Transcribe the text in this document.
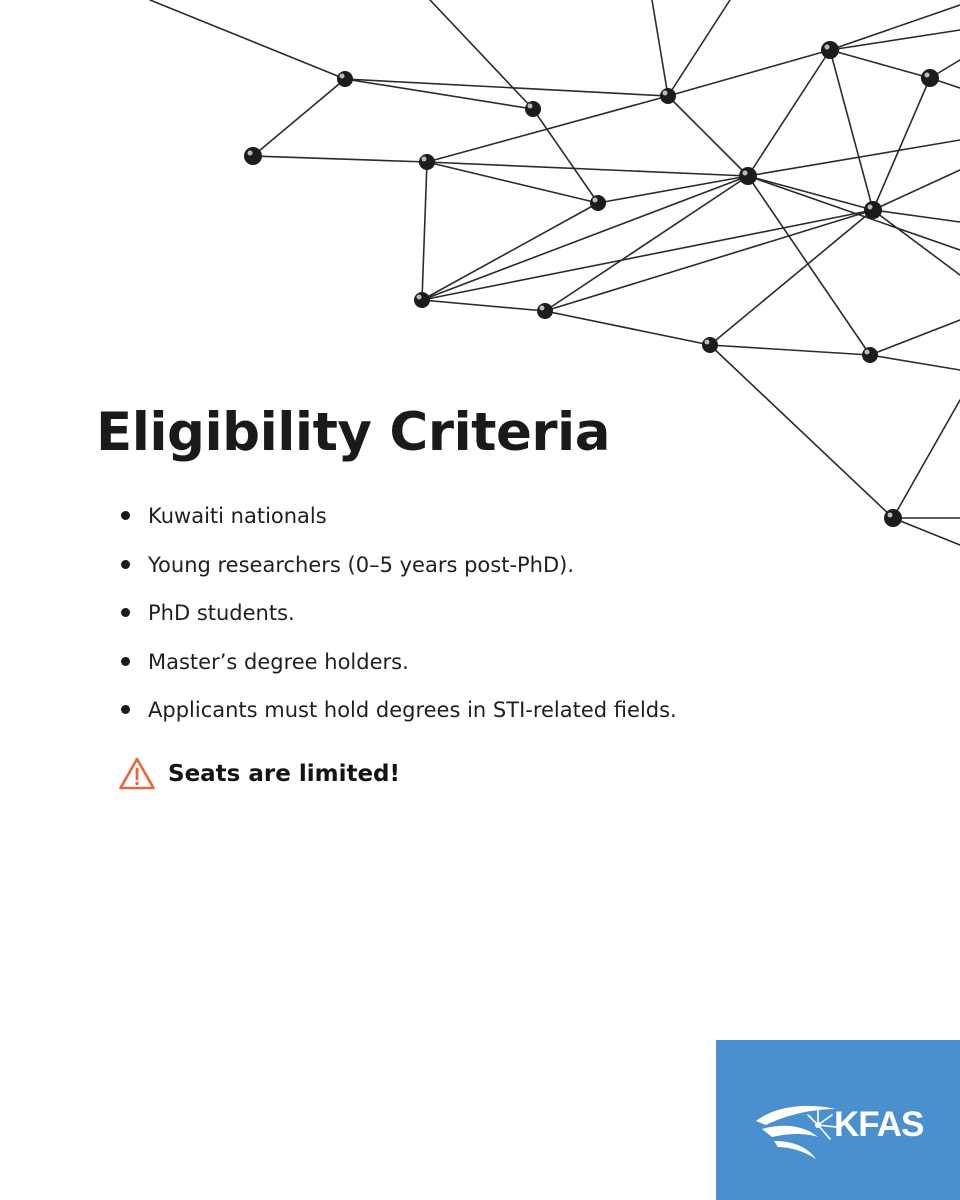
Eligibility Criteria
Kuwaiti nationals
Young researchers (0–5 years post-PhD).
PhD students.
Master’s degree holders.
Applicants must hold degrees in STI-related fields.
Seats are limited!
KFAS
